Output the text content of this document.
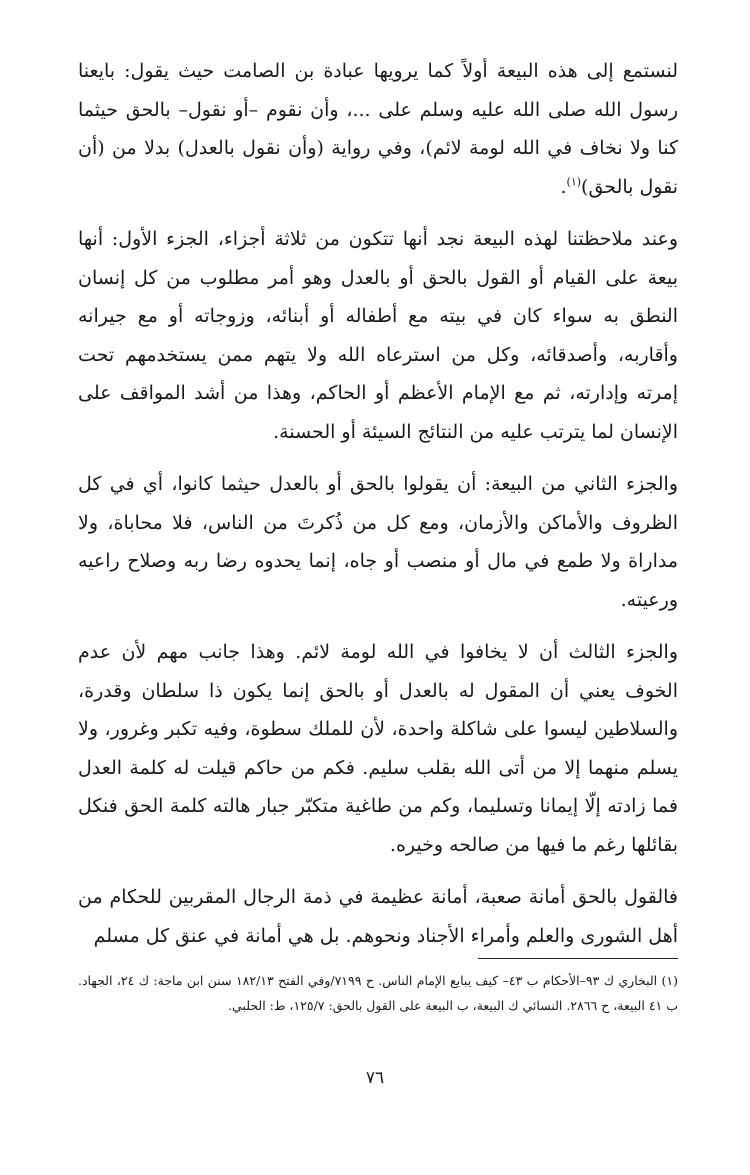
لنستمع إلى هذه البيعة أولاً كما يرويها عبادة بن الصامت حيث يقول: بايعنا رسول الله صلى الله عليه وسلم على ...، وأن نقوم –أو نقول– بالحق حيثما كنا ولا نخاف في الله لومة لائم)، وفي رواية (وأن نقول بالعدل) بدلا من (أن نقول بالحق)$^{(١)}$.

وعند ملاحظتنا لهذه البيعة نجد أنها تتكون من ثلاثة أجزاء، الجزء الأول: أنها بيعة على القيام أو القول بالحق أو بالعدل وهو أمر مطلوب من كل إنسان النطق به سواء كان في بيته مع أطفاله أو أبنائه، وزوجاته أو مع جيرانه وأقاربه، وأصدقائه، وكل من استرعاه الله ولا يتهم ممن يستخدمهم تحت إمرته وإدارته، ثم مع الإمام الأعظم أو الحاكم، وهذا من أشد المواقف على الإنسان لما يترتب عليه من النتائج السيئة أو الحسنة.

والجزء الثاني من البيعة: أن يقولوا بالحق أو بالعدل حيثما كانوا، أي في كل الظروف والأماكن والأزمان، ومع كل من ذُكرتَ من الناس، فلا محاباة، ولا مداراة ولا طمع في مال أو منصب أو جاه، إنما يحدوه رضا ربه وصلاح راعيه ورعيته.

والجزء الثالث أن لا يخافوا في الله لومة لائم. وهذا جانب مهم لأن عدم الخوف يعني أن المقول له بالعدل أو بالحق إنما يكون ذا سلطان وقدرة، والسلاطين ليسوا على شاكلة واحدة، لأن للملك سطوة، وفيه تكبر وغرور، ولا يسلم منهما إلا من أتى الله بقلب سليم. فكم من حاكم قيلت له كلمة العدل فما زادته إلّا إيمانا وتسليما، وكم من طاغية متكبّر جبار هالته كلمة الحق فنكل بقائلها رغم ما فيها من صالحه وخيره.

فالقول بالحق أمانة صعبة، أمانة عظيمة في ذمة الرجال المقربين للحكام من أهل الشورى والعلم وأمراء الأجناد ونحوهم. بل هي أمانة في عنق كل مسلم

(١) البخاري ك ٩٣–الأحكام ب ٤٣– كيف يبايع الإمام الناس. ح ٧١٩٩/وفي الفتح ١٨٢/١٣ سنن ابن ماجة: ك ٢٤، الجهاد. ب ٤١ البيعة، ح ٢٨٦٦. النسائي ك البيعة، ب البيعة على القول بالحق: ١٢٥/٧، ط: الحلبي.

٧٦
